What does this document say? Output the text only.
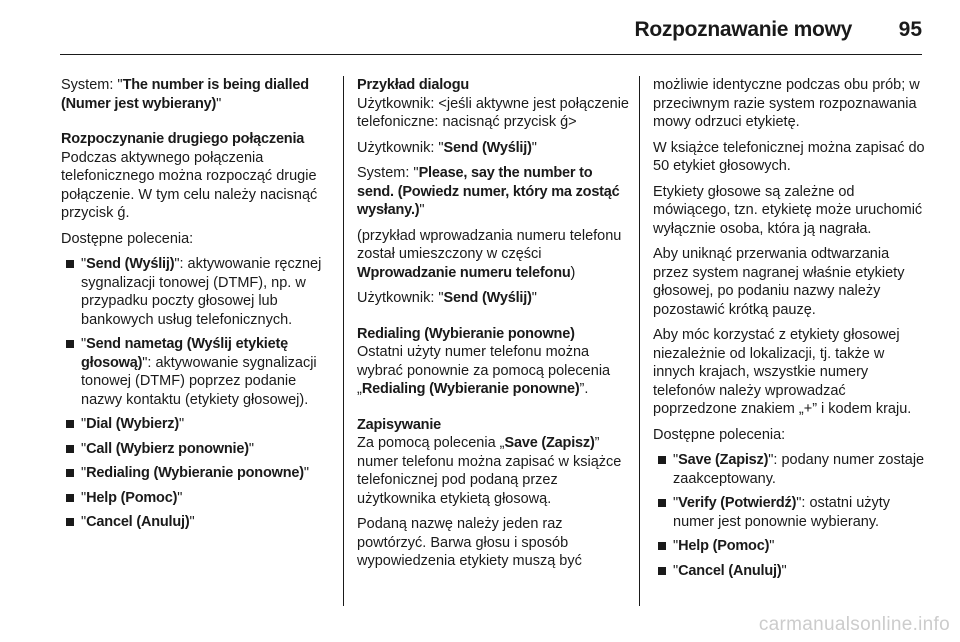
Rozpoznawanie mowy 95

System: "The number is being dialled (Numer jest wybierany)"

Rozpoczynanie drugiego połączenia

Podczas aktywnego połączenia telefonicznego można rozpocząć drugie połączenie. W tym celu należy nacisnąć przycisk ǵ.

Dostępne polecenia:

"Send (Wyślij)": aktywowanie ręcznej sygnalizacji tonowej (DTMF), np. w przypadku poczty głosowej lub bankowych usług telefonicznych.
"Send nametag (Wyślij etykietę głosową)": aktywowanie sygnalizacji tonowej (DTMF) poprzez podanie nazwy kontaktu (etykiety głosowej).
"Dial (Wybierz)"
"Call (Wybierz ponownie)"
"Redialing (Wybieranie ponowne)"
"Help (Pomoc)"
"Cancel (Anuluj)"

Przykład dialogu

Użytkownik: <jeśli aktywne jest połączenie telefoniczne: nacisnąć przycisk ǵ>

Użytkownik: "Send (Wyślij)"

System: "Please, say the number to send. (Powiedz numer, który ma zostąć wysłany.)"

(przykład wprowadzania numeru telefonu został umieszczony w części Wprowadzanie numeru telefonu)

Użytkownik: "Send (Wyślij)"

Redialing (Wybieranie ponowne)

Ostatni użyty numer telefonu można wybrać ponownie za pomocą polecenia „Redialing (Wybieranie ponowne)”.

Zapisywanie

Za pomocą polecenia „Save (Zapisz)” numer telefonu można zapisać w książce telefonicznej pod podaną przez użytkownika etykietą głosową.

Podaną nazwę należy jeden raz powtórzyć. Barwa głosu i sposób wypowiedzenia etykiety muszą być

możliwie identyczne podczas obu prób; w przeciwnym razie system rozpoznawania mowy odrzuci etykietę.

W książce telefonicznej można zapisać do 50 etykiet głosowych.

Etykiety głosowe są zależne od mówiącego, tzn. etykietę może uruchomić wyłącznie osoba, która ją nagrała.

Aby uniknąć przerwania odtwarzania przez system nagranej właśnie etykiety głosowej, po podaniu nazwy należy pozostawić krótką pauzę.

Aby móc korzystać z etykiety głosowej niezależnie od lokalizacji, tj. także w innych krajach, wszystkie numery telefonów należy wprowadzać poprzedzone znakiem „+” i kodem kraju.

Dostępne polecenia:

"Save (Zapisz)": podany numer zostaje zaakceptowany.
"Verify (Potwierdź)": ostatni użyty numer jest ponownie wybierany.
"Help (Pomoc)"
"Cancel (Anuluj)"
carmanualsonline.info
